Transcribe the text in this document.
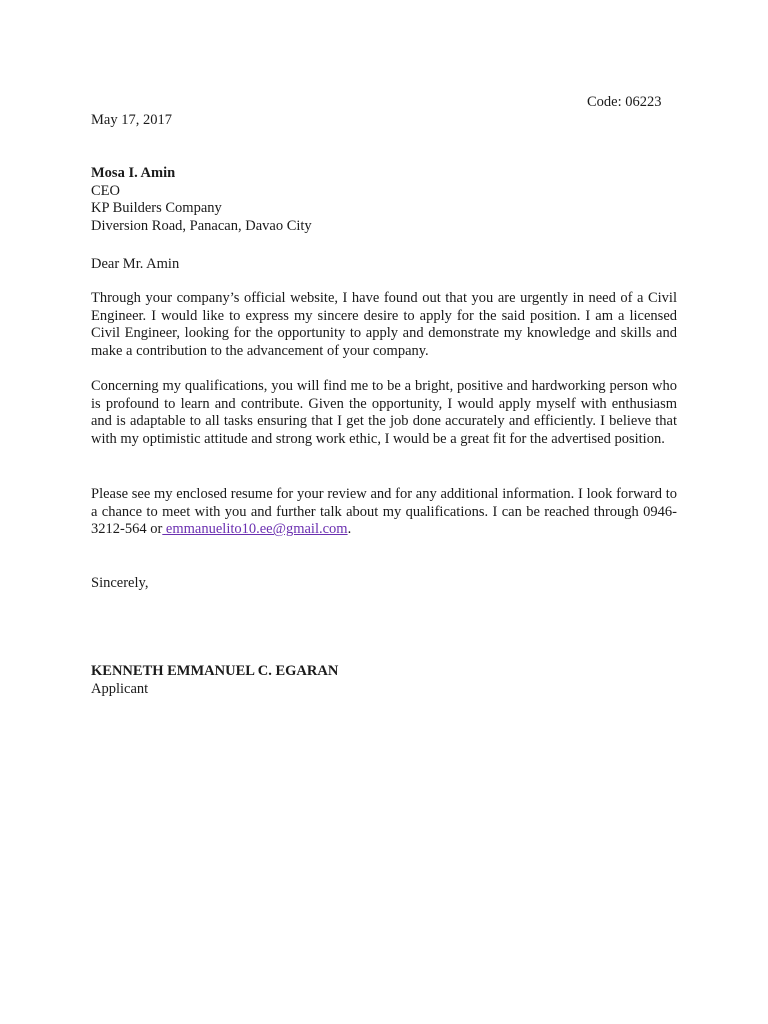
Code: 06223
May 17, 2017
Mosa I. Amin
CEO
KP Builders Company
Diversion Road, Panacan, Davao City
Dear Mr. Amin

Through your company’s official website, I have found out that you are urgently in need of a Civil Engineer. I would like to express my sincere desire to apply for the said position. I am a licensed Civil Engineer, looking for the opportunity to apply and demonstrate my knowledge and skills and make a contribution to the advancement of your company.

Concerning my qualifications, you will find me to be a bright, positive and hardworking person who is profound to learn and contribute. Given the opportunity, I would apply myself with enthusiasm and is adaptable to all tasks ensuring that I get the job done accurately and efficiently. I believe that with my optimistic attitude and strong work ethic, I would be a great fit for the advertised position.

Please see my enclosed resume for your review and for any additional information. I look forward to a chance to meet with you and further talk about my qualifications. I can be reached through 0946-3212-564 or emmanuelito10.ee@gmail.com.

Sincerely,
KENNETH EMMANUEL C. EGARAN
Applicant
